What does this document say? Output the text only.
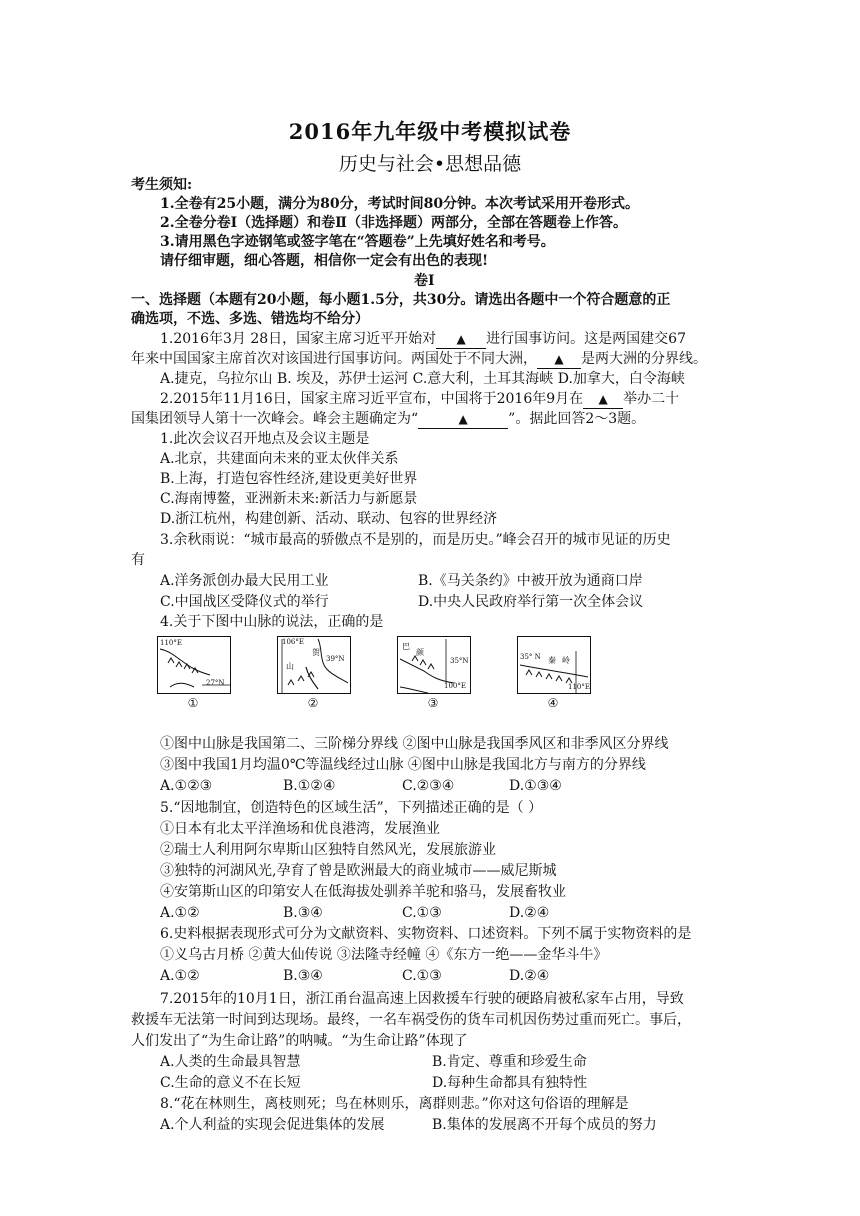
2016年九年级中考模拟试卷
历史与社会•思想品德
考生须知:
1.全卷有25小题，满分为80分，考试时间80分钟。本次考试采用开卷形式。
2.全卷分卷Ⅰ（选择题）和卷Ⅱ（非选择题）两部分，全部在答题卷上作答。
3.请用黑色字迹钢笔或签字笔在“答题卷”上先填好姓名和考号。
请仔细审题，细心答题，相信你一定会有出色的表现!
卷Ⅰ
一、选择题（本题有20小题，每小题1.5分，共30分。请选出各题中一个符合题意的正
确选项，不选、多选、错选均不给分）
1.2016年3月 28日，国家主席习近平开始对 ▲ 进行国事访问。这是两国建交67
年来中国国家主席首次对该国进行国事访问。两国处于不同大洲， ▲ 是两大洲的分界线。
A.捷克，乌拉尔山 B. 埃及，苏伊士运河 C.意大利，土耳其海峡 D.加拿大，白令海峡
2.2015年11月16日，国家主席习近平宣布，中国将于2016年9月在 ▲ 举办二十
国集团领导人第十一次峰会。峰会主题确定为“	▲	”。据此回答2～3题。
1.此次会议召开地点及会议主题是
A.北京，共建面向未来的亚太伙伴关系
B.上海，打造包容性经济,建设更美好世界
C.海南博鳌，亚洲新未来:新活力与新愿景
D.浙江杭州，构建创新、活动、联动、包容的世界经济
3.余秋雨说：“城市最高的骄傲点不是别的，而是历史。”峰会召开的城市见证的历史
有
A.洋务派创办最大民用工业	B.《马关条约》中被开放为通商口岸
C.中国战区受降仪式的举行	D.中央人民政府举行第一次全体会议
4.关于下图中山脉的说法，正确的是
110°E
27°N
①
106°E
山
贺
39°N
②
巴
颜
35°N
100°E
③
35° N 秦 岭
110°E
④
①图中山脉是我国第二、三阶梯分界线 ②图中山脉是我国季风区和非季风区分界线
③图中我国1月均温0℃等温线经过山脉 ④图中山脉是我国北方与南方的分界线
A.①②③	B.①②④	C.②③④	D.①③④
5.“因地制宜，创造特色的区域生活”，下列描述正确的是（ ）
①日本有北太平洋渔场和优良港湾，发展渔业
②瑞士人利用阿尔卑斯山区独特自然风光，发展旅游业
③独特的河湖风光,孕育了曾是欧洲最大的商业城市——威尼斯城
④安第斯山区的印第安人在低海拔处驯养羊驼和骆马，发展畜牧业
A.①②	B.③④	C.①③	D.②④
6.史料根据表现形式可分为文献资料、实物资料、口述资料。下列不属于实物资料的是
①义乌古月桥 ②黄大仙传说 ③法隆寺经幢 ④《东方一绝——金华斗牛》
A.①②	B.③④	C.①③	D.②④
7.2015年的10月1日，浙江甬台温高速上因救援车行驶的硬路肩被私家车占用，导致
救援车无法第一时间到达现场。最终，一名车祸受伤的货车司机因伤势过重而死亡。事后，
人们发出了“为生命让路”的呐喊。“为生命让路”体现了
A.人类的生命最具智慧	B.肯定、尊重和珍爱生命
C.生命的意义不在长短	D.每种生命都具有独特性
8.“花在林则生，离枝则死；鸟在林则乐，离群则悲。”你对这句俗语的理解是
A.个人利益的实现会促进集体的发展	B.集体的发展离不开每个成员的努力
